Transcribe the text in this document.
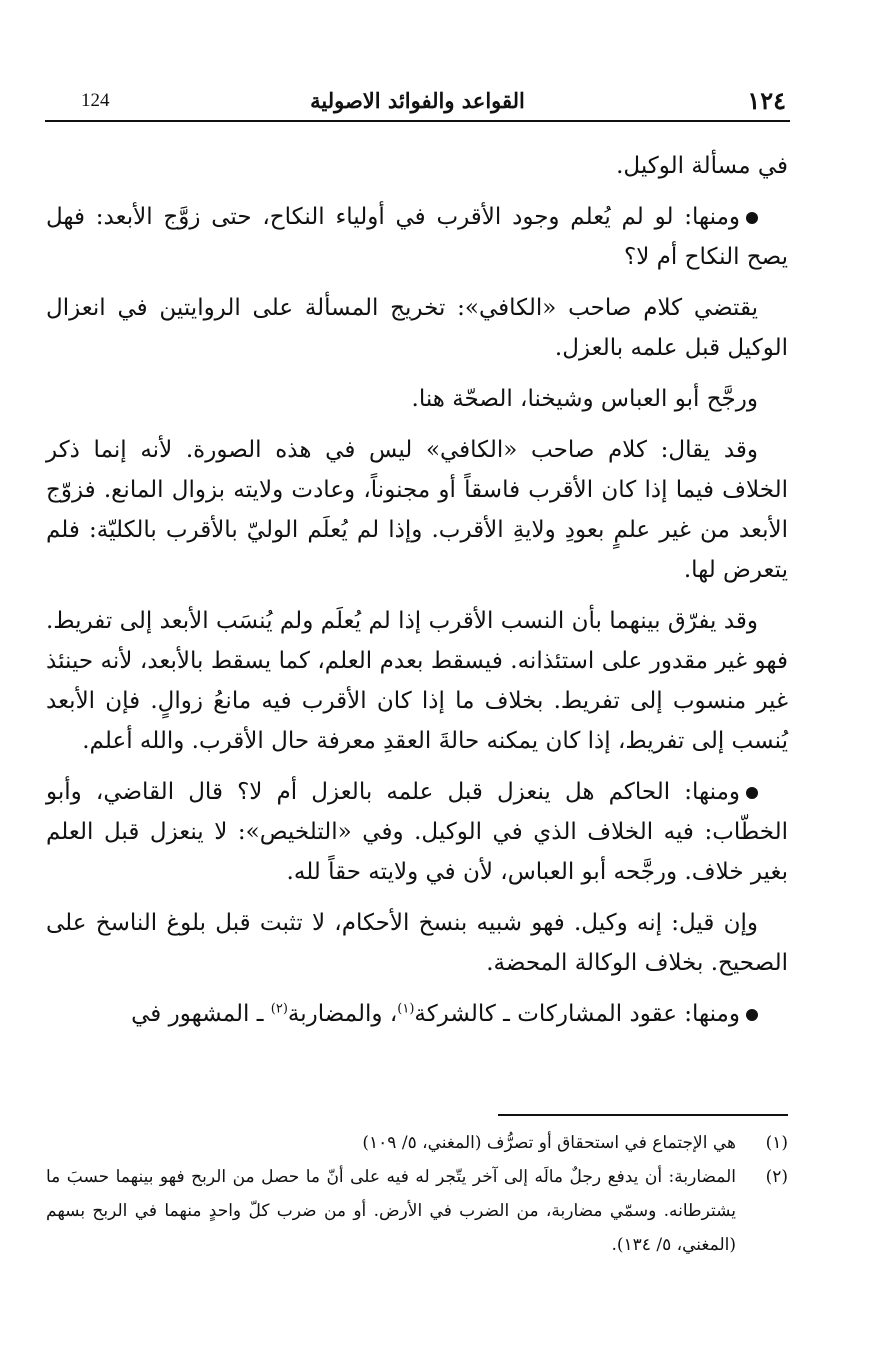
١٢٤
القواعد والفوائد الاصولية
124

في مسألة الوكيل.

ومنها: لو لم يُعلم وجود الأقرب في أولياء النكاح، حتى زوَّج الأبعد: فهل يصح النكاح أم لا؟

يقتضي كلام صاحب «الكافي»: تخريج المسألة على الروايتين في انعزال الوكيل قبل علمه بالعزل.

ورجَّح أبو العباس وشيخنا، الصحّة هنا.

وقد يقال: كلام صاحب «الكافي» ليس في هذه الصورة. لأنه إنما ذكر الخلاف فيما إذا كان الأقرب فاسقاً أو مجنوناً، وعادت ولايته بزوال المانع. فزوّج الأبعد من غير علمٍ بعودِ ولايةِ الأقرب. وإذا لم يُعلَم الوليّ بالأقرب بالكليّة: فلم يتعرض لها.

وقد يفرّق بينهما بأن النسب الأقرب إذا لم يُعلَم ولم يُنسَب الأبعد إلى تفريط. فهو غير مقدور على استئذانه. فيسقط بعدم العلم، كما يسقط بالأبعد، لأنه حينئذ غير منسوب إلى تفريط. بخلاف ما إذا كان الأقرب فيه مانعُ زوالٍ. فإن الأبعد يُنسب إلى تفريط، إذا كان يمكنه حالةَ العقدِ معرفة حال الأقرب. والله أعلم.

ومنها: الحاكم هل ينعزل قبل علمه بالعزل أم لا؟ قال القاضي، وأبو الخطّاب: فيه الخلاف الذي في الوكيل. وفي «التلخيص»: لا ينعزل قبل العلم بغير خلاف. ورجَّحه أبو العباس، لأن في ولايته حقاً لله.

وإن قيل: إنه وكيل. فهو شبيه بنسخ الأحكام، لا تثبت قبل بلوغ الناسخ على الصحيح. بخلاف الوكالة المحضة.

ومنها: عقود المشاركات ـ كالشركة$^{(١)}$، والمضاربة$^{(٢)}$ ـ المشهور في

(١)
هي الإجتماع في استحقاق أو تصرُّف (المغني، ٥/ ١٠٩)
(٢)
المضاربة: أن يدفع رجلٌ مالَه إلى آخر يتّجر له فيه على أنّ ما حصل من الربح فهو بينهما حسبَ ما يشترطانه. وسمّي مضاربة، من الضرب في الأرض. أو من ضرب كلّ واحدٍ منهما في الربح بسهم (المغني، ٥/ ١٣٤).
